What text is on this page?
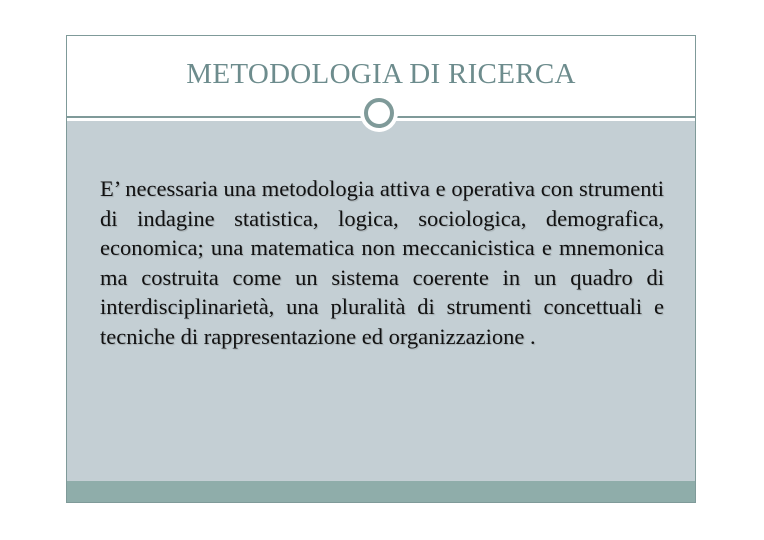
METODOLOGIA DI RICERCA

E’ necessaria una metodologia attiva e operativa con strumenti di indagine statistica, logica, sociologica, demografica, economica; una matematica non meccanicistica e mnemonica ma costruita come un sistema coerente in un quadro di interdisciplinarietà, una pluralità di strumenti concettuali e tecniche di rappresentazione ed organizzazione .
